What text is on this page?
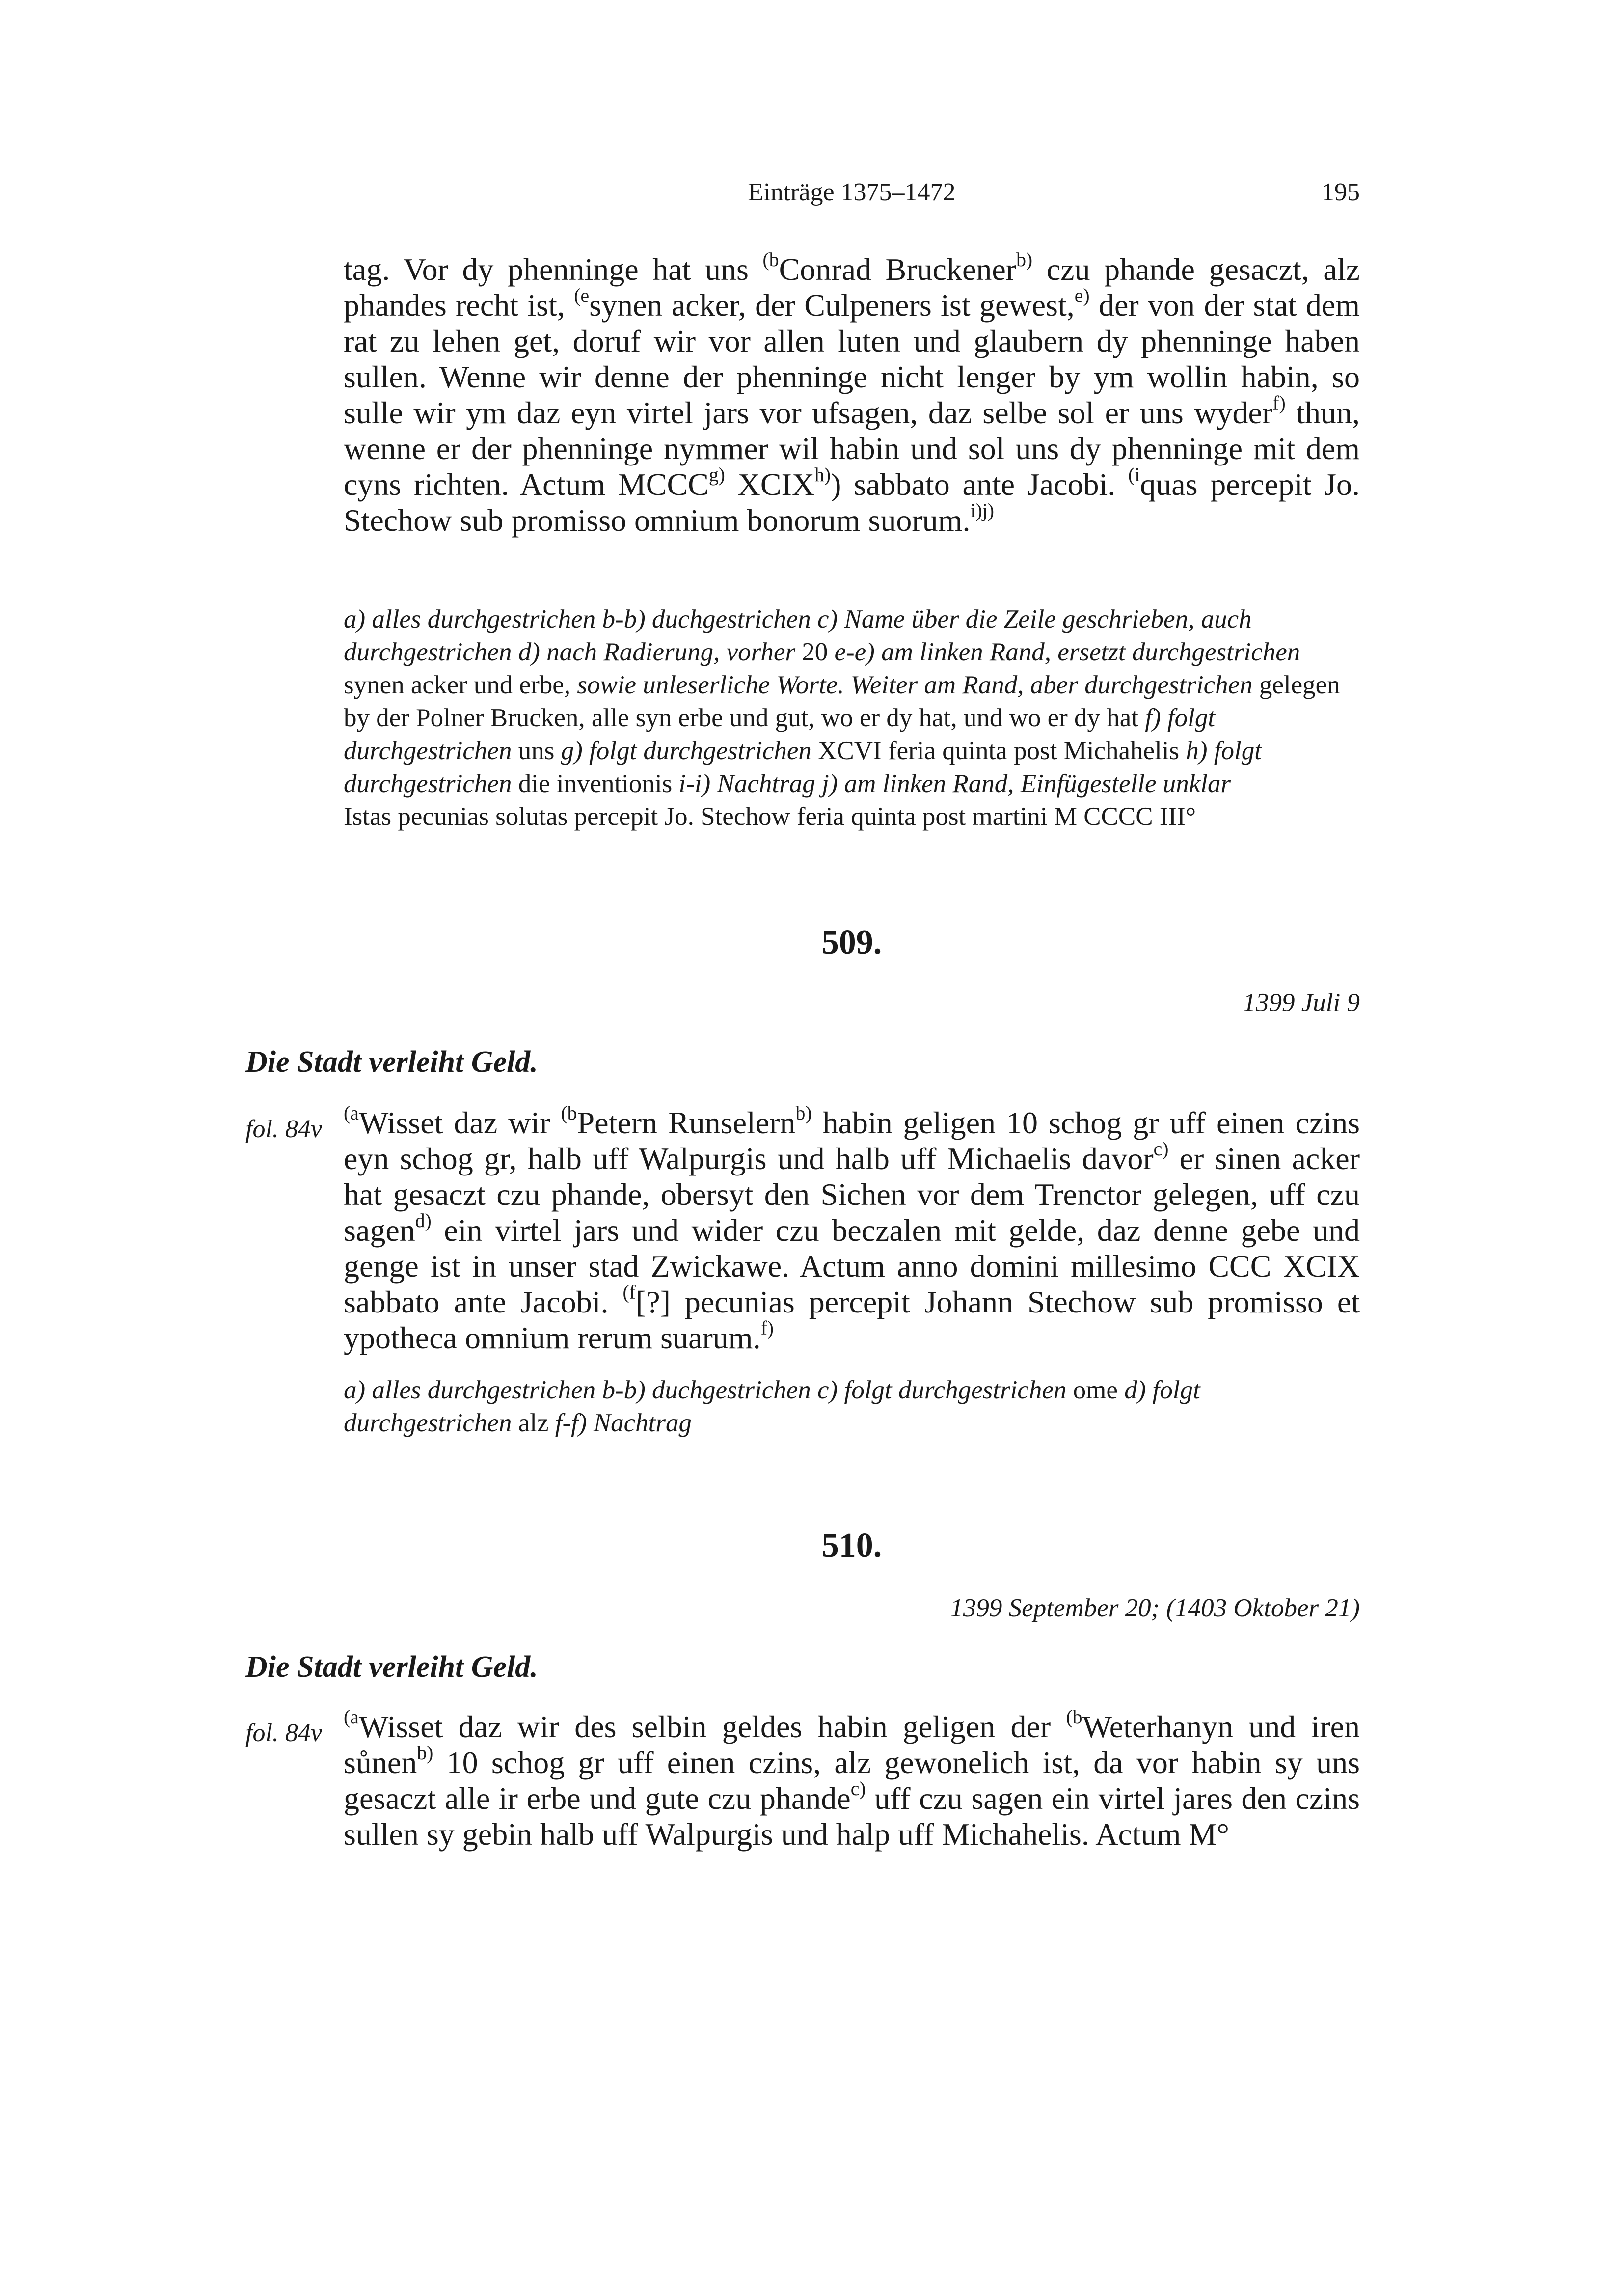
Einträge 1375–1472	195
tag. Vor dy phenninge hat uns $^{(b}$Conrad Bruckener$^{b)}$ czu phande gesaczt, alz phandes recht ist, $^{(e}$synen acker, der Culpeners ist gewest,$^{e)}$ der von der stat dem rat zu lehen get, doruf wir vor allen luten und glaubern dy phenninge haben sullen. Wenne wir denne der phenninge nicht lenger by ym wollin habin, so sulle wir ym daz eyn virtel jars vor ufsagen, daz selbe sol er uns wyder$^{f)}$ thun, wenne er der phenninge nymmer wil habin und sol uns dy phenninge mit dem cyns richten. Actum MCCC$^{g)}$ XCIX$^{h)}$) sabbato ante Jacobi. $^{(i}$quas percepit Jo. Stechow sub promisso omnium bonorum suorum.$^{i)j)}$
a) alles durchgestrichen b-b) duchgestrichen c) Name über die Zeile geschrieben, auch durchgestrichen d) nach Radierung, vorher 20 e-e) am linken Rand, ersetzt durchgestrichen synen acker und erbe, sowie unleserliche Worte. Weiter am Rand, aber durchgestrichen gelegen by der Polner Brucken, alle syn erbe und gut, wo er dy hat, und wo er dy hat f) folgt durchgestrichen uns g) folgt durchgestrichen XCVI feria quinta post Michahelis h) folgt durchgestrichen die inventionis i-i) Nachtrag j) am linken Rand, Einfügestelle unklar
Istas pecunias solutas percepit Jo. Stechow feria quinta post martini M CCCC III°
509.
1399 Juli 9
Die Stadt verleiht Geld.
fol. 84v
$^{(a}$Wisset daz wir $^{(b}$Petern Runselern$^{b)}$ habin geligen 10 schog gr uff einen czins eyn schog gr, halb uff Walpurgis und halb uff Michaelis davor$^{c)}$ er sinen acker hat gesaczt czu phande, obersyt den Sichen vor dem Trenctor gelegen, uff czu sagen$^{d)}$ ein virtel jars und wider czu beczalen mit gelde, daz denne gebe und genge ist in unser stad Zwickawe. Actum anno domini millesimo CCC XCIX sabbato ante Jacobi. $^{(f}$[?] pecunias percepit Johann Stechow sub promisso et ypotheca omnium rerum suarum.$^{f)}$
a) alles durchgestrichen b-b) duchgestrichen c) folgt durchgestrichen ome d) folgt durchgestrichen alz f-f) Nachtrag
510.
1399 September 20; (1403 Oktober 21)
Die Stadt verleiht Geld.
fol. 84v
$^{(a}$Wisset daz wir des selbin geldes habin geligen der $^{(b}$Weterhanyn und iren sůnen$^{b)}$ 10 schog gr uff einen czins, alz gewonelich ist, da vor habin sy uns gesaczt alle ir erbe und gute czu phande$^{c)}$ uff czu sagen ein virtel jares den czins sullen sy gebin halb uff Walpurgis und halp uff Michahelis. Actum M°
